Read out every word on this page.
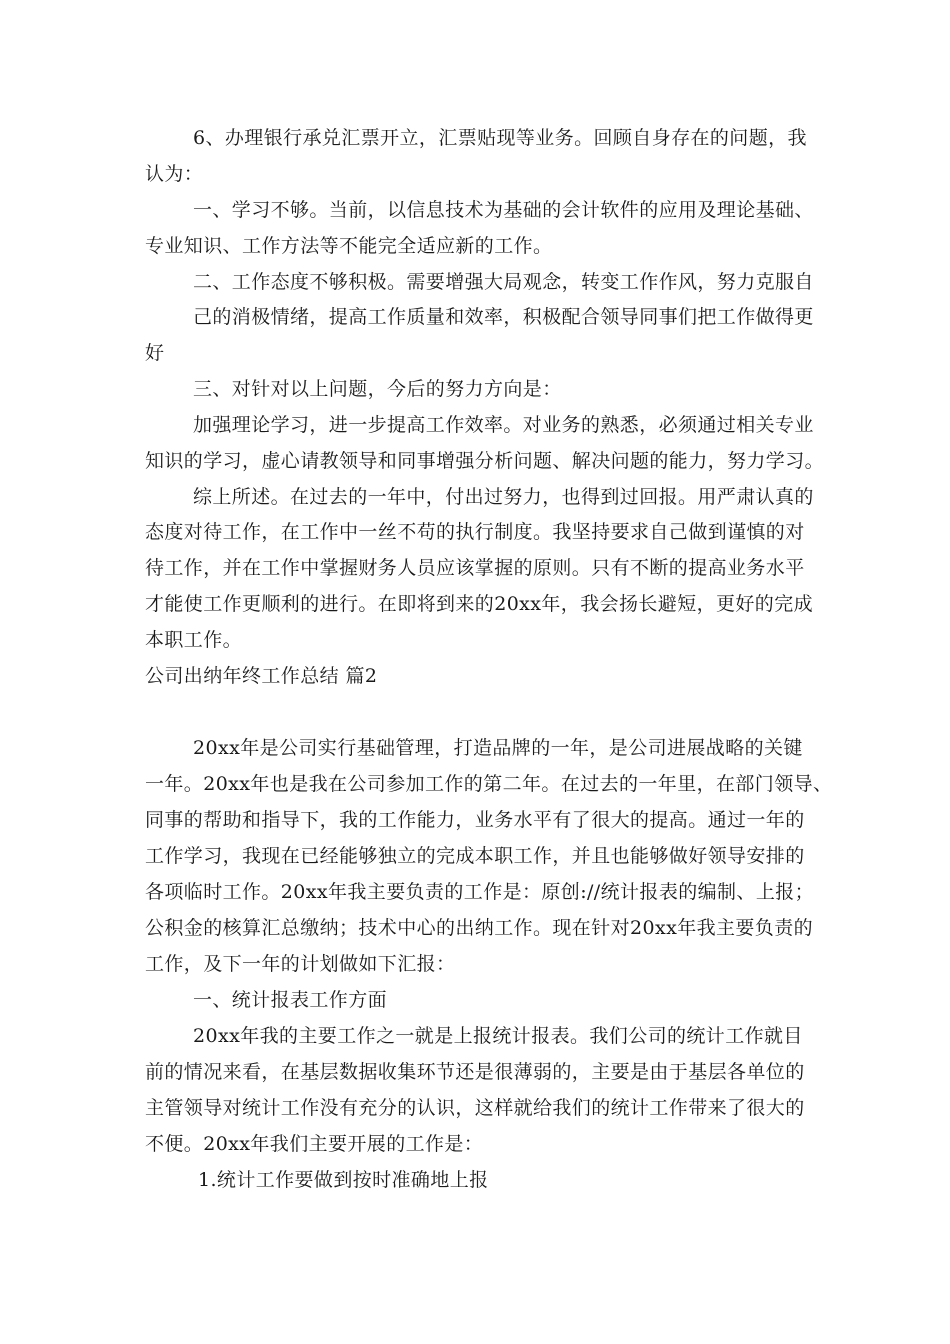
6、办理银行承兑汇票开立，汇票贴现等业务。回顾自身存在的问题，我
认为：
一、学习不够。当前，以信息技术为基础的会计软件的应用及理论基础、
专业知识、工作方法等不能完全适应新的工作。
二、工作态度不够积极。需要增强大局观念，转变工作作风，努力克服自
己的消极情绪，提高工作质量和效率，积极配合领导同事们把工作做得更
好
三、对针对以上问题，今后的努力方向是：
加强理论学习，进一步提高工作效率。对业务的熟悉，必须通过相关专业
知识的学习，虚心请教领导和同事增强分析问题、解决问题的能力，努力学习。
综上所述。在过去的一年中，付出过努力，也得到过回报。用严肃认真的
态度对待工作，在工作中一丝不苟的执行制度。我坚持要求自己做到谨慎的对
待工作，并在工作中掌握财务人员应该掌握的原则。只有不断的提高业务水平
才能使工作更顺利的进行。在即将到来的20xx年，我会扬长避短，更好的完成
本职工作。
公司出纳年终工作总结 篇2
20xx年是公司实行基础管理，打造品牌的一年，是公司进展战略的关键
一年。20xx年也是我在公司参加工作的第二年。在过去的一年里，在部门领导、
同事的帮助和指导下，我的工作能力，业务水平有了很大的提高。通过一年的
工作学习，我现在已经能够独立的完成本职工作，并且也能够做好领导安排的
各项临时工作。20xx年我主要负责的工作是：原创://统计报表的编制、上报；
公积金的核算汇总缴纳；技术中心的出纳工作。现在针对20xx年我主要负责的
工作，及下一年的计划做如下汇报：
一、统计报表工作方面
20xx年我的主要工作之一就是上报统计报表。我们公司的统计工作就目
前的情况来看，在基层数据收集环节还是很薄弱的，主要是由于基层各单位的
主管领导对统计工作没有充分的认识，这样就给我们的统计工作带来了很大的
不便。20xx年我们主要开展的工作是：
1.统计工作要做到按时准确地上报
